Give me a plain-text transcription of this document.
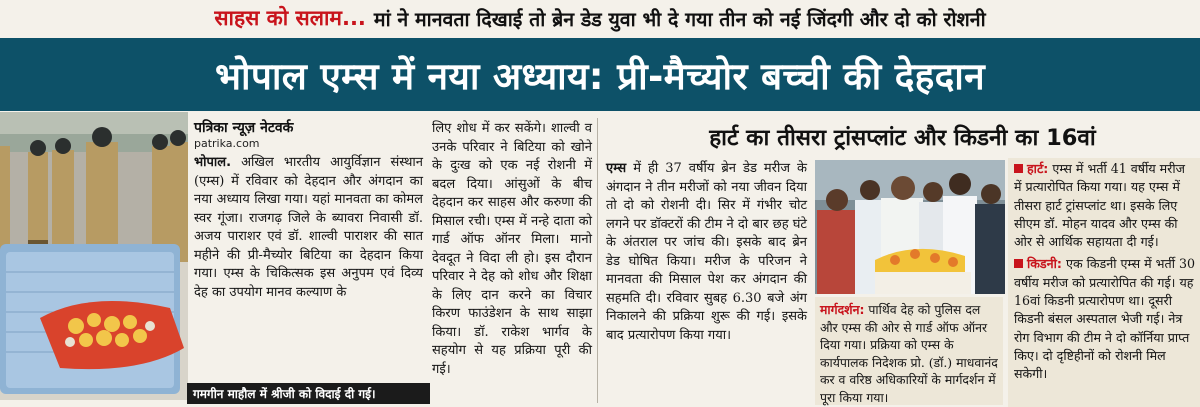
साहस को सलाम... मां ने मानवता दिखाई तो ब्रेन डेड युवा भी दे गया तीन को नई जिंदगी और दो को रोशनी
भोपाल एम्स में नया अध्याय: प्री-मैच्योर बच्ची की देहदान
गमगीन माहौल में श्रीजी को विदाई दी गई।
पत्रिका न्यूज़ नेटवर्क
patrika.com

भोपाल. अखिल भारतीय आयुर्विज्ञान संस्थान (एम्स) में रविवार को देहदान और अंगदान का नया अध्याय लिखा गया। यहां मानवता का कोमल स्वर गूंजा। राजगढ़ जिले के ब्यावरा निवासी डॉ. अजय पाराशर एवं डॉ. शाल्वी पाराशर की सात महीने की प्री-मैच्योर बिटिया का देहदान किया गया। एम्स के चिकित्सक इस अनुपम एवं दिव्य देह का उपयोग मानव कल्याण के

लिए शोध में कर सकेंगे। शाल्वी व उनके परिवार ने बिटिया को खोने के दुःख को एक नई रोशनी में बदल दिया। आंसुओं के बीच देहदान कर साहस और करुणा की मिसाल रची। एम्स में नन्हे दाता को गार्ड ऑफ ऑनर मिला। मानो देवदूत ने विदा ली हो। इस दौरान परिवार ने देह को शोध और शिक्षा के लिए दान करने का विचार किरण फाउंडेशन के साथ साझा किया। डॉ. राकेश भार्गव के सहयोग से यह प्रक्रिया पूरी की गई।

हार्ट का तीसरा ट्रांसप्लांट और किडनी का 16वां

एम्स में ही 37 वर्षीय ब्रेन डेड मरीज के अंगदान ने तीन मरीजों को नया जीवन दिया तो दो को रोशनी दी। सिर में गंभीर चोट लगने पर डॉक्टरों की टीम ने दो बार छह घंटे के अंतराल पर जांच की। इसके बाद ब्रेन डेड घोषित किया। मरीज के परिजन ने मानवता की मिसाल पेश कर अंगदान की सहमति दी। रविवार सुबह 6.30 बजे अंग निकालने की प्रक्रिया शुरू की गई। इसके बाद प्रत्यारोपण किया गया।

मार्गदर्शन: पार्थिव देह को पुलिस दल और एम्स की ओर से गार्ड ऑफ ऑनर दिया गया। प्रक्रिया को एम्स के कार्यपालक निदेशक प्रो. (डॉ.) माधवानंद कर व वरिष्ठ अधिकारियों के मार्गदर्शन में पूरा किया गया।
हार्ट: एम्स में भर्ती 41 वर्षीय मरीज में प्रत्यारोपित किया गया। यह एम्स में तीसरा हार्ट ट्रांसप्लांट था। इसके लिए सीएम डॉ. मोहन यादव और एम्स की ओर से आर्थिक सहायता दी गई।
किडनी: एक किडनी एम्स में भर्ती 30 वर्षीय मरीज को प्रत्यारोपित की गई। यह 16वां किडनी प्रत्यारोपण था। दूसरी किडनी बंसल अस्पताल भेजी गई। नेत्र रोग विभाग की टीम ने दो कॉर्निया प्राप्त किए। दो दृष्टिहीनों को रोशनी मिल सकेगी।
